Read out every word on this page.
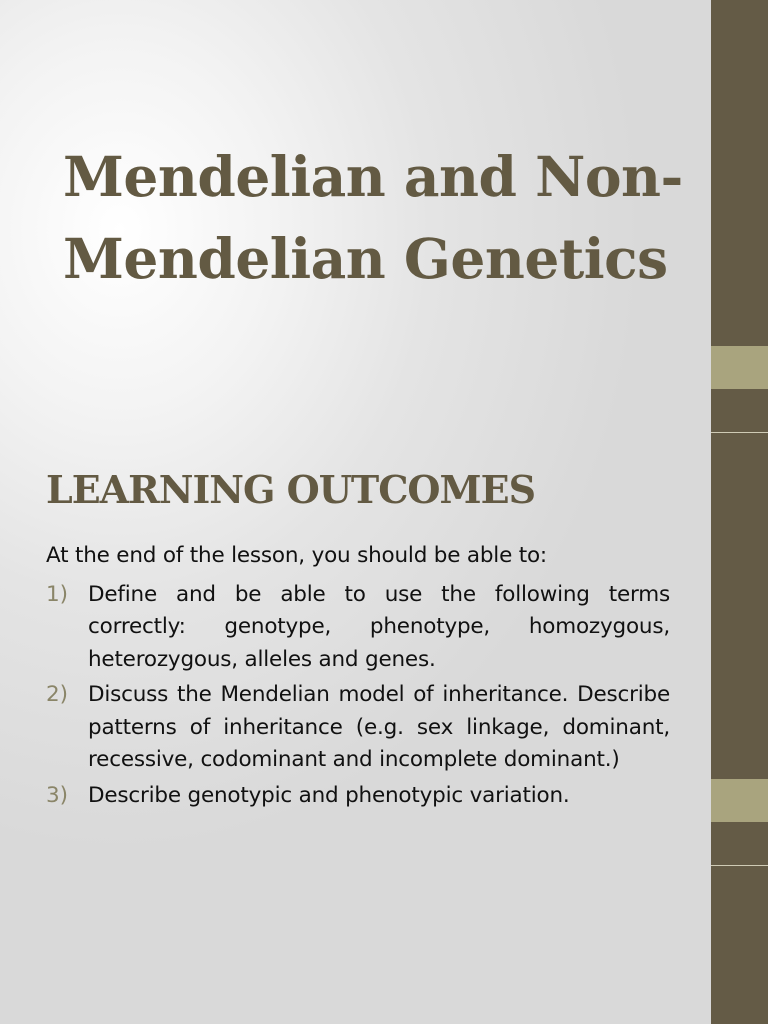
Mendelian and Non-
Mendelian Genetics
LEARNING OUTCOMES
At the end of the lesson, you should be able to:
1) Define and be able to use the following terms correctly: genotype, phenotype, homozygous, heterozygous, alleles and genes.
2) Discuss the Mendelian model of inheritance. Describe patterns of inheritance (e.g. sex linkage, dominant, recessive, codominant and incomplete dominant.)
3) Describe genotypic and phenotypic variation.
